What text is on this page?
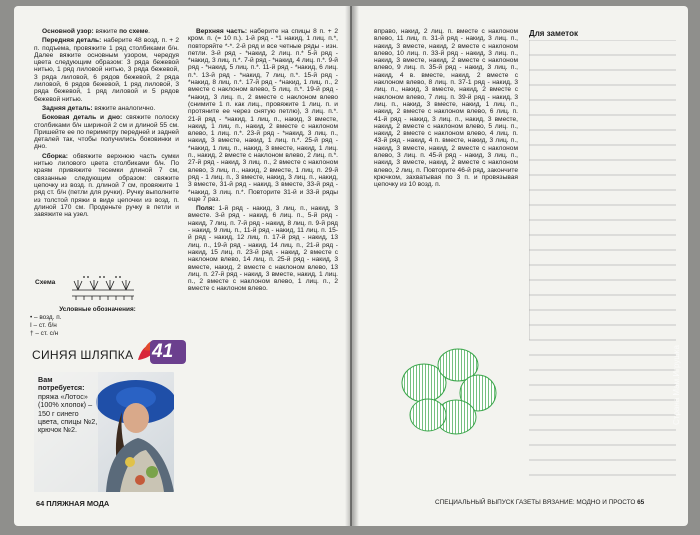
Основной узор: вяжите по схеме.

Передняя деталь: наберите 48 возд. п. + 2 п. подъема, провяжите 1 ряд столбиками б/н. Далее вяжите основным узором, чередуя цвета следующим образом: 3 ряда бежевой нитью, 1 ряд лиловой нитью, 3 ряда бежевой, 3 ряда лиловой, 6 рядов бежевой, 2 ряда лиловой, 6 рядов бежевой, 1 ряд лиловой, 3 ряда бежевой, 1 ряд лиловой и 5 рядов бежевой нитью.

Задняя деталь: вяжите аналогично.

Боковая деталь и дно: свяжите полоску столбиками б/н шириной 2 см и длиной 55 см. Пришейте ее по периметру передней и задней деталей так, чтобы получились боковинки и дно.

Сборка: обвяжите верхнюю часть сумки нитью лилового цвета столбиками б/н. По краям привяжите тесемки длиной 7 см, связанные следующим образом: свяжите цепочку из возд. п. длиной 7 см, провяжите 1 ряд ст. б/н (петли для ручки). Ручку выполните из толстой пряжи в виде цепочки из возд. п. длиной 170 см. Проденьте ручку в петли и завяжите на узел.

Схема
Условные обозначения:
• – возд. п.
I – ст. б/н
† – ст. с/н
СИНЯЯ ШЛЯПКА 41
Вам потребуется: пряжа «Лотос» (100% хлопок) – 150 г синего цвета, спицы №2, крючок №2.
64 ПЛЯЖНАЯ МОДА

Верхняя часть: наберите на спицы 8 п. + 2 кром. п. (= 10 п.). 1-й ряд - *1 накид, 1 лиц. п.*, повторяйте *-*. 2-й ряд и все четные ряды - изн. петли. 3-й ряд - *накид, 2 лиц. п.* 5-й ряд - *накид, 3 лиц. п.*. 7-й ряд - *накид, 4 лиц. п.*. 9-й ряд - *накид, 5 лиц. п.*. 11-й ряд - *накид, 6 лиц. п.*. 13-й ряд - *накид, 7 лиц. п.*. 15-й ряд - *накид, 8 лиц. п.*. 17-й ряд - *накид, 1 лиц. п., 2 вместе с наклоном влево, 5 лиц. п.*. 19-й ряд - *накид, 3 лиц. п., 2 вместе с наклоном влево (снимите 1 п. как лиц., провяжите 1 лиц. п. и протяните ее через снятую петлю), 3 лиц. п.*. 21-й ряд - *накид, 1 лиц. п., накид, 3 вместе, накид, 1 лиц. п., накид, 2 вместе с наклоном влево, 1 лиц. п.*. 23-й ряд - *накид, 3 лиц. п., накид, 3 вместе, накид, 1 лиц. п.*. 25-й ряд - *накид, 1 лиц. п., накид, 3 вместе, накид, 1 лиц. п., накид, 2 вместе с наклоном влево, 2 лиц. п.*. 27-й ряд - накид, 3 лиц. п., 2 вместе с наклоном влево, 3 лиц. п., накид, 2 вместе, 1 лиц. п. 29-й ряд - 1 лиц. п., 3 вместе, накид, 3 лиц. п., накид, 3 вместе, 31-й ряд - накид, 3 вместе, 33-й ряд - *накид, 3 лиц. п.*. Повторите 31-й и 33-й ряды еще 7 раз.

Поля: 1-й ряд - накид, 3 лиц. п., накид, 3 вместе. 3-й ряд - накид, 6 лиц. п., 5-й ряд - накид, 7 лиц. п. 7-й ряд - накид, 8 лиц. п. 9-й ряд - накид, 9 лиц. п., 11-й ряд - накид, 11 лиц. п. 15-й ряд - накид, 12 лиц. п. 17-й ряд - накид, 13 лиц. п., 19-й ряд - накид, 14 лиц. п., 21-й ряд - накид, 15 лиц. п. 23-й ряд - накид, 2 вместе с наклоном влево, 14 лиц. п. 25-й ряд - накид, 3 вместе, накид, 2 вместе с наклоном влево, 13 лиц. п. 27-й ряд - накид, 3 вместе, накид, 1 лиц. п., 2 вместе с наклоном влево, 1 лиц. п., 2 вместе с наклоном влево.

вправо, накид, 2 лиц. п. вместе с наклоном влево, 11 лиц. п. 31-й ряд - накид, 3 лиц. п., накид, 3 вместе, накид, 2 вместе с наклоном влево, 10 лиц. п. 33-й ряд - накид, 3 лиц. п., накид, 3 вместе, накид, 2 вместе с наклоном влево, 9 лиц. п. 35-й ряд - накид, 3 лиц. п., накид, 4 в. вместе, накид, 2 вместе с наклоном влево, 8 лиц. п. 37-1 ряд - накид, 3 лиц. п., накид, 3 вместе, накид, 2 вместе с наклоном влево, 7 лиц. п. 39-й ряд - накид, 3 лиц. п., накид, 3 вместе, накид, 1 лиц. п., накид, 2 вместе с наклоном влево, 6 лиц. п. 41-й ряд - накид, 3 лиц. п., накид, 3 вместе, накид, 2 вместе с наклоном влево, 5 лиц. п., накид, 2 вместе с наклоном влево, 4 лиц. п. 43-й ряд - накид, 4 п. вместе, накид, 3 лиц. п., накид, 3 вместе, накид, 2 вместе с наклоном влево, 3 лиц. п. 45-й ряд - накид, 3 лиц. п., накид, 3 вместе, накид, 2 вместе с наклоном влево, 2 лиц. п. Повторите 46-й ряд, закончите крючком, захватывая по 3 п. и провязывая цепочку из 10 возд. п.

Для заметок
СПЕЦИАЛЬНЫЙ ВЫПУСК ГАЗЕТЫ ВЯЗАНИЕ: МОДНО И ПРОСТО 65
Страна Мам.Игрушка
